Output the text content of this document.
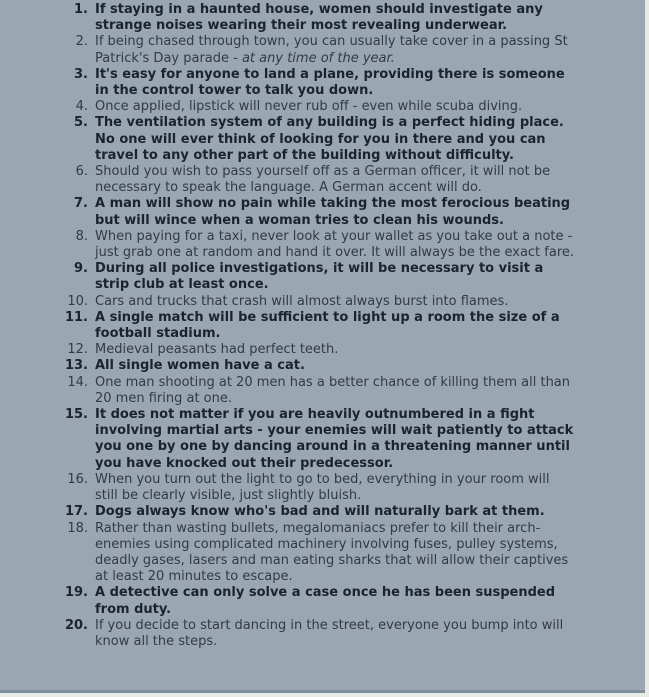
1. If staying in a haunted house, women should investigate any strange noises wearing their most revealing underwear.
2. If being chased through town, you can usually take cover in a passing St Patrick's Day parade - at any time of the year.
3. It's easy for anyone to land a plane, providing there is someone in the control tower to talk you down.
4. Once applied, lipstick will never rub off - even while scuba diving.
5. The ventilation system of any building is a perfect hiding place. No one will ever think of looking for you in there and you can travel to any other part of the building without difficulty.
6. Should you wish to pass yourself off as a German officer, it will not be necessary to speak the language. A German accent will do.
7. A man will show no pain while taking the most ferocious beating but will wince when a woman tries to clean his wounds.
8. When paying for a taxi, never look at your wallet as you take out a note - just grab one at random and hand it over. It will always be the exact fare.
9. During all police investigations, it will be necessary to visit a strip club at least once.
10. Cars and trucks that crash will almost always burst into flames.
11. A single match will be sufficient to light up a room the size of a football stadium.
12. Medieval peasants had perfect teeth.
13. All single women have a cat.
14. One man shooting at 20 men has a better chance of killing them all than 20 men firing at one.
15. It does not matter if you are heavily outnumbered in a fight involving martial arts - your enemies will wait patiently to attack you one by one by dancing around in a threatening manner until you have knocked out their predecessor.
16. When you turn out the light to go to bed, everything in your room will still be clearly visible, just slightly bluish.
17. Dogs always know who's bad and will naturally bark at them.
18. Rather than wasting bullets, megalomaniacs prefer to kill their arch-enemies using complicated machinery involving fuses, pulley systems, deadly gases, lasers and man eating sharks that will allow their captives at least 20 minutes to escape.
19. A detective can only solve a case once he has been suspended from duty.
20. If you decide to start dancing in the street, everyone you bump into will know all the steps.
